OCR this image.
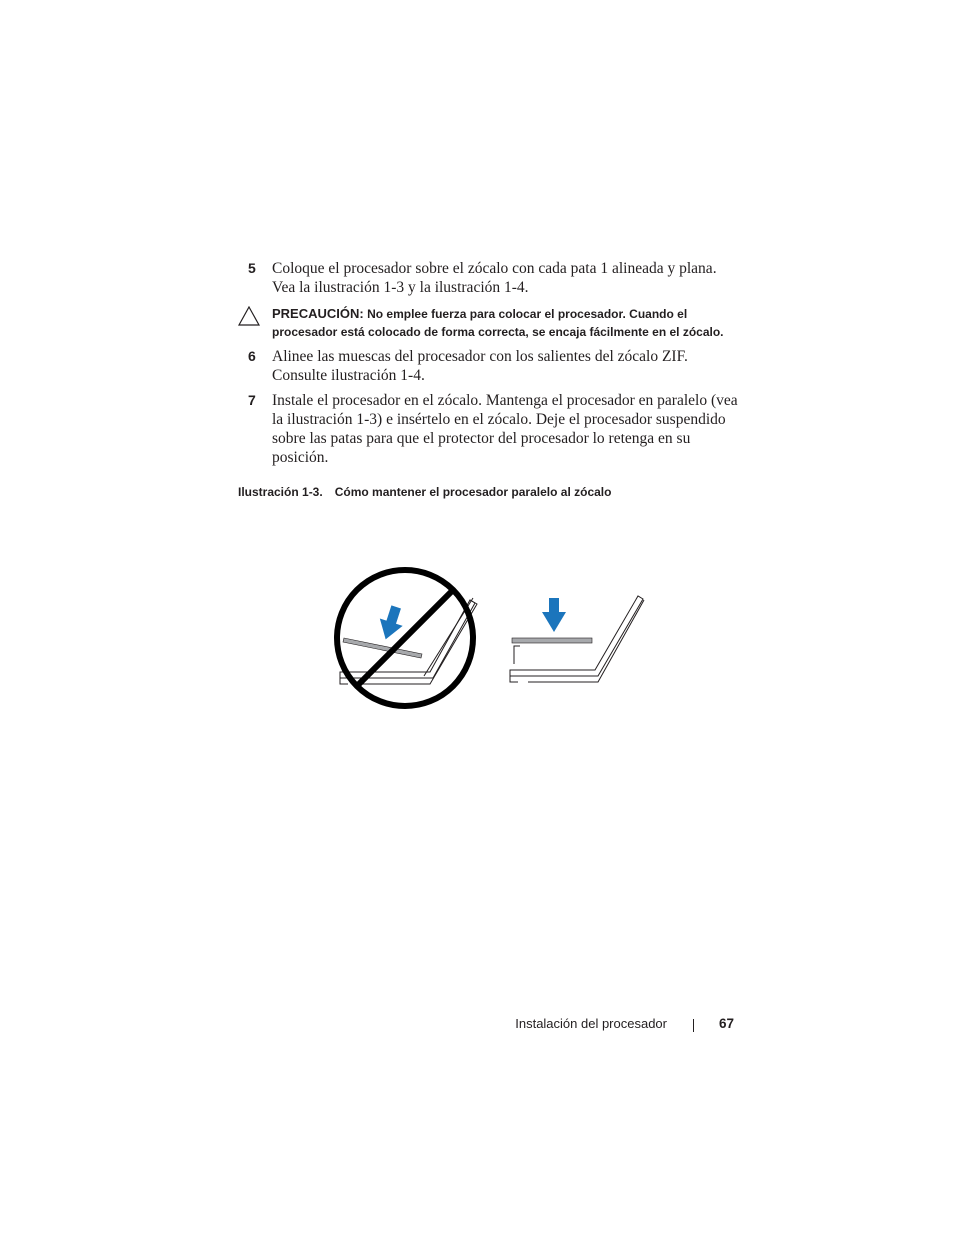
5 Coloque el procesador sobre el zócalo con cada pata 1 alineada y plana. Vea la ilustración 1-3 y la ilustración 1-4.
PRECAUCIÓN: No emplee fuerza para colocar el procesador. Cuando el procesador está colocado de forma correcta, se encaja fácilmente en el zócalo.
6 Alinee las muescas del procesador con los salientes del zócalo ZIF. Consulte ilustración 1-4.
7 Instale el procesador en el zócalo. Mantenga el procesador en paralelo (vea la ilustración 1-3) e insértelo en el zócalo. Deje el procesador suspendido sobre las patas para que el protector del procesador lo retenga en su posición.
Ilustración 1-3. Cómo mantener el procesador paralelo al zócalo
Instalación del procesador	67
